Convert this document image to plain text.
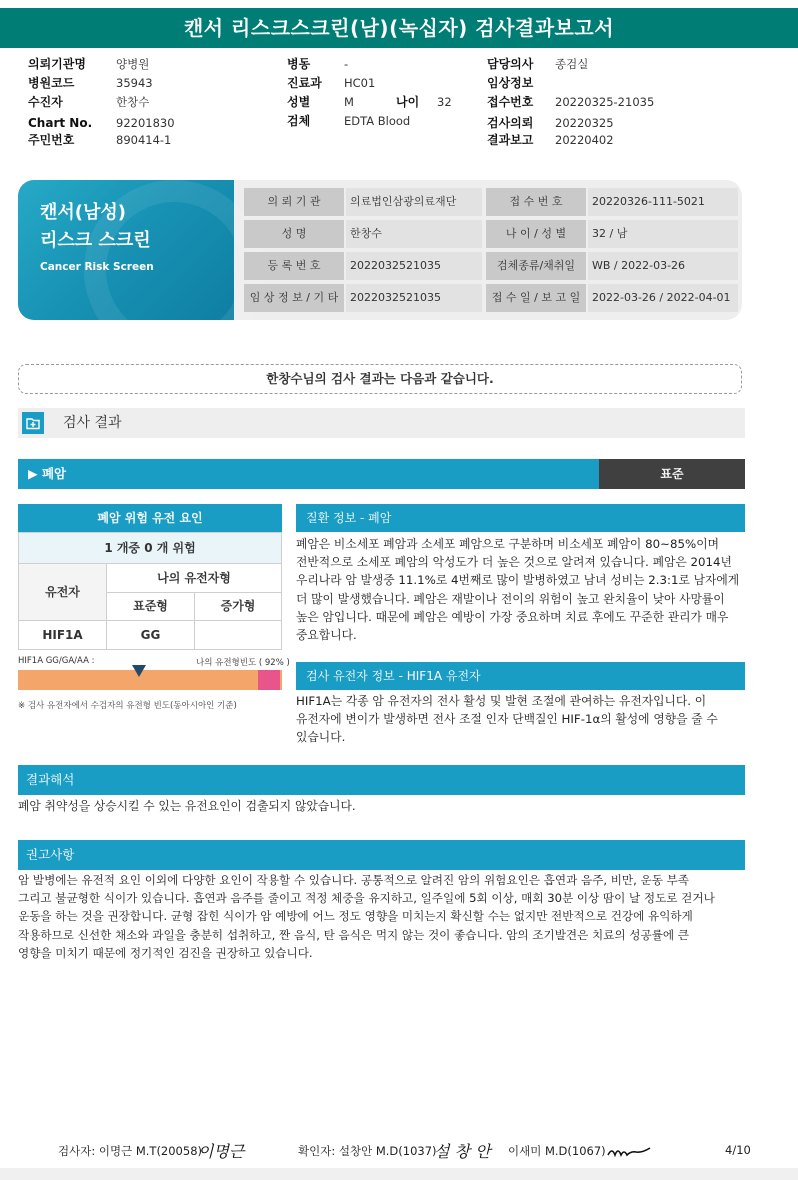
캔서 리스크스크린(남)(녹십자) 검사결과보고서
의뢰기관명	양병원
병원코드	35943
수진자	한창수
Chart No. 92201830
주민번호	890414-1
병동	-
진료과 HC01
성별	M	나이 32
검체	EDTA Blood
담당의사 종검실
임상정보
접수번호 20220325-21035
검사의뢰 20220325
결과보고 20220402
캔서(남성)
리스크 스크린
Cancer Risk Screen
의 뢰 기 관	의료법인삼광의료재단	접 수 번 호	20220326-111-5021
성 명	한창수	나 이 / 성 별	32 / 남
등 록 번 호	2022032521035	검체종류/채취일	WB / 2022-03-26
임 상 정 보 / 기 타	2022032521035	접 수 일 / 보 고 일	2022-03-26 / 2022-04-01
한창수님의 검사 결과는 다음과 같습니다.
검사 결과
▶ 폐암	표준
폐암 위험 유전 요인
1 개중 0 개 위험
유전자
나의 유전자형
표준형	증가형
HIF1A	GG
HIF1A GG/GA/AA :	나의 유전형빈도 ( 92% )
※ 검사 유전자에서 수검자의 유전형 빈도(동아시아인 기준)
질환 정보 - 폐암
폐암은 비소세포 폐암과 소세포 폐암으로 구분하며 비소세포 폐암이 80~85%이며
전반적으로 소세포 폐암의 악성도가 더 높은 것으로 알려져 있습니다. 폐암은 2014년
우리나라 암 발생중 11.1%로 4번째로 많이 발병하였고 남녀 성비는 2.3:1로 남자에게
더 많이 발생했습니다. 폐암은 재발이나 전이의 위험이 높고 완치율이 낮아 사망률이
높은 암입니다. 때문에 폐암은 예방이 가장 중요하며 치료 후에도 꾸준한 관리가 매우
중요합니다.
검사 유전자 정보 - HIF1A 유전자
HIF1A는 각종 암 유전자의 전사 활성 및 발현 조절에 관여하는 유전자입니다. 이
유전자에 변이가 발생하면 전사 조절 인자 단백질인 HIF-1α의 활성에 영향을 줄 수
있습니다.
결과해석
폐암 취약성을 상승시킬 수 있는 유전요인이 검출되지 않았습니다.
권고사항
암 발병에는 유전적 요인 이외에 다양한 요인이 작용할 수 있습니다. 공통적으로 알려진 암의 위험요인은 흡연과 음주, 비만, 운동 부족
그리고 불균형한 식이가 있습니다. 흡연과 음주를 줄이고 적정 체중을 유지하고, 일주일에 5회 이상, 매회 30분 이상 땀이 날 정도로 걷거나
운동을 하는 것을 권장합니다. 균형 잡힌 식이가 암 예방에 어느 정도 영향을 미치는지 확신할 수는 없지만 전반적으로 건강에 유익하게
작용하므로 신선한 채소와 과일을 충분히 섭취하고, 짠 음식, 탄 음식은 먹지 않는 것이 좋습니다. 암의 조기발견은 치료의 성공률에 큰
영향을 미치기 때문에 정기적인 검진을 권장하고 있습니다.
검사자: 이명근 M.T(20058)
이명근	확인자: 설창안 M.D(1037)
설 창 안 이새미 M.D(1067)	4/10
